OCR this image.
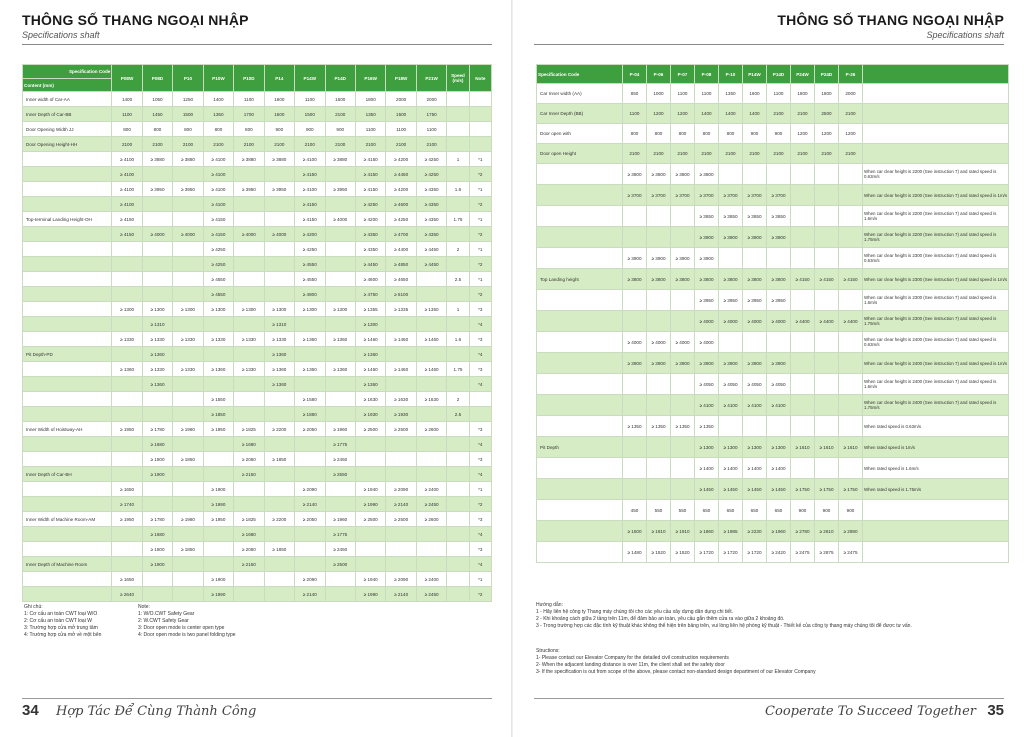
THÔNG SỐ THANG NGOẠI NHẬP
Specifications shaft
Specification Code	P08W	P08D	P10	P10W	P10D	P14	P14W	P14D	P16W	P18W	P21W	Speed (m/s)	Note
Content (mm)													
Inner width of Car-AA	1400	1050	1250	1400	1100	1600	1100	1600	1800	2000	2000		
Inner Depth of Car-BB	1100	1450	1500	1350	1700	1500	1500	2100	1350	1500	1750		
Door Opening Width JJ	800	800	800	800	800	900	900	900	1100	1100	1100		
Door Opening Height-HH	2100	2100	2100	2100	2100	2100	2100	2100	2100	2100	2100		
	≥ 4100	≥ 3880	≥ 3880	≥ 4100	≥ 3880	≥ 3880	≥ 4100	≥ 3880	≥ 4150	≥ 4200	≥ 4250	1	*1
	≥ 4100			≥ 4100			≥ 4150		≥ 4150	≥ 4450	≥ 4250		*2
	≥ 4100	≥ 3950	≥ 3950	≥ 4100	≥ 3950	≥ 3950	≥ 4100	≥ 3950	≥ 4150	≥ 4200	≥ 4350	1.6	*1
	≥ 4100			≥ 4100			≥ 4150		≥ 4250	≥ 4600	≥ 4350		*2
Top-terminal Landing Height-OH	≥ 4150			≥ 4150			≥ 4150	≥ 4000	≥ 4200	≥ 4250	≥ 4350	1.75	*1
	≥ 4150	≥ 4000	≥ 4000	≥ 4150	≥ 4000	≥ 4000	≥ 4200		≥ 4350	≥ 4700	≥ 4350		*2
				≥ 4250			≥ 4250		≥ 4350	≥ 4400	≥ 4450	2	*1
				≥ 4250			≥ 4550		≥ 4450	≥ 4850	≥ 4450		*2
				≥ 4550			≥ 4550		≥ 4600	≥ 4650		2.5	*1
				≥ 4550			≥ 4800		≥ 4750	≥ 5100			*2
	≥ 1300	≥ 1300	≥ 1300	≥ 1300	≥ 1300	≥ 1300	≥ 1300	≥ 1300	≥ 1355	≥ 1335	≥ 1350	1	*3
		≥ 1310				≥ 1310			≥ 1300				*4
	≥ 1330	≥ 1330	≥ 1330	≥ 1330	≥ 1330	≥ 1330	≥ 1360	≥ 1360	≥ 1460	≥ 1460	≥ 1460	1.6	*3
Pit Depth-PD		≥ 1360				≥ 1360			≥ 1360				*4
	≥ 1360	≥ 1330	≥ 1330	≥ 1360	≥ 1330	≥ 1360	≥ 1360	≥ 1360	≥ 1460	≥ 1460	≥ 1460	1.75	*3
		≥ 1360				≥ 1360			≥ 1360				*4
				≥ 1550			≥ 1580		≥ 1630	≥ 1630	≥ 1630	2	
				≥ 1850			≥ 1880		≥ 1930	≥ 1930		2.5	
Inner Width of Hoistway-AH	≥ 1950	≥ 1780	≥ 1980	≥ 1950	≥ 1825	≥ 2200	≥ 2050	≥ 1960	≥ 2500	≥ 2500	≥ 2600		*3
		≥ 1680			≥ 1680			≥ 1775					*4
		≥ 1800	≥ 1850		≥ 2050	≥ 1850		≥ 2450					*3
Inner Depth of Car-BH		≥ 1900			≥ 2150			≥ 2550					*4
	≥ 1650			≥ 1900			≥ 2090		≥ 1940	≥ 2090	≥ 2400		*1
	≥ 1740			≥ 1990			≥ 2140		≥ 1990	≥ 2140	≥ 2450		*2
Inner Width of Machine Room-AM	≥ 1950	≥ 1780	≥ 1980	≥ 1950	≥ 1825	≥ 2200	≥ 2050	≥ 1960	≥ 2500	≥ 2500	≥ 2600		*3
		≥ 1680			≥ 1680			≥ 1775					*4
		≥ 1800	≥ 1850		≥ 2050	≥ 1850		≥ 2450					*3
Inner Depth of Machine Room		≥ 1900			≥ 2150			≥ 2500					*4
	≥ 1650			≥ 1900			≥ 2090		≥ 1940	≥ 2090	≥ 2400		*1
	≥ 2640			≥ 1990			≥ 2140		≥ 1990	≥ 2140	≥ 2450		*2
Ghi chú:
1: Cơ cấu an toàn CWT loại W/O
2: Cơ cấu an toàn CWT loại W
3: Trường hợp cửa mở trung tâm
4: Trường hợp cửa mở về một bên
Note:
1: W/O.CWT Safety Gear
2: W.CWT Safety Gear
3: Door open mode is center open type
4: Door open mode is two panel folding type
34 Hợp Tác Để Cùng Thành Công
THÔNG SỐ THANG NGOẠI NHẬP
Specifications shaft
Specification Code	P-04	P-06	P-07	P-08	P-10	P14W	P14D	P24W	P24D	P-26	
Car Inner width (AA)	850	1000	1100	1100	1350	1600	1100	1800	1800	2000	
Car Inner Depth (BB)	1100	1200	1200	1400	1400	1400	2100	2100	2500	2100	
Door open with	800	800	800	800	800	900	900	1200	1200	1200	
Door open Height	2100	2100	2100	2100	2100	2100	2100	2100	2100	2100	
	≥ 3800	≥ 3800	≥ 3800	≥ 3800							When car clear height is 2200 (See instruction 7) and rated speed is 0.63m/s
	≥ 3700	≥ 3700	≥ 3700	≥ 3700	≥ 3700	≥ 3700	≥ 3700				When car clear height is 2200 (See instruction 7) and rated speed is 1m/s
				≥ 3650	≥ 3650	≥ 3650	≥ 3650				When car clear height is 2200 (See instruction 7) and rated speed is 1.6m/s
				≥ 3900	≥ 3900	≥ 3900	≥ 3900				When car clear height is 2200 (See instruction 7) and rated speed is 1.75m/s
	≥ 3900	≥ 3900	≥ 3900	≥ 3900							When car clear height is 2300 (See instruction 7) and rated speed is 0.63m/s
Top Landing height	≥ 3800	≥ 3800	≥ 3800	≥ 3800	≥ 3800	≥ 3800	≥ 3800	≥ 4150	≥ 4150	≥ 4150	When car clear height is 2300 (See instruction 7) and rated speed is 1m/s
				≥ 3950	≥ 3950	≥ 3950	≥ 3950				When car clear height is 2300 (See instruction 7) and rated speed is 1.6m/s
				≥ 4000	≥ 4000	≥ 4000	≥ 4000	≥ 4400	≥ 4400	≥ 4400	When car clear height is 2300 (See instruction 7) and rated speed is 1.75m/s
	≥ 4000	≥ 4000	≥ 4000	≥ 4000							When car clear height is 2400 (See instruction 7) and rated speed is 0.63m/s
	≥ 3900	≥ 3900	≥ 3900	≥ 3900	≥ 3900	≥ 3900	≥ 3900				When car clear height is 2400 (See instruction 7) and rated speed is 1m/s
				≥ 4050	≥ 4050	≥ 4050	≥ 4050				When car clear height is 2400 (See instruction 7) and rated speed is 1.6m/s
				≥ 4100	≥ 4100	≥ 4100	≥ 4100				When car clear height is 2400 (See instruction 7) and rated speed is 1.75m/s
	≥ 1350	≥ 1350	≥ 1350	≥ 1350							When rated speed is 0.63m/s
Pit Depth				≥ 1300	≥ 1300	≥ 1300	≥ 1300	≥ 1610	≥ 1610	≥ 1610	When rated speed is 1m/s
				≥ 1400	≥ 1400	≥ 1400	≥ 1400				When rated speed is 1.6m/s
				≥ 1450	≥ 1450	≥ 1450	≥ 1450	≥ 1750	≥ 1750	≥ 1750	When rated speed is 1.75m/s
	450	550	550	650	650	650	650	900	900	900	
	≥ 1500	≥ 1810	≥ 1910	≥ 1860	≥ 1985	≥ 2230	≥ 1960	≥ 2780	≥ 2610	≥ 2880	
	≥ 1480	≥ 1520	≥ 1520	≥ 1720	≥ 1720	≥ 1720	≥ 2420	≥ 2475	≥ 2875	≥ 2475	
Hướng dẫn:
1 - Hãy liên hệ công ty Thang máy chúng tôi cho các yêu cầu xây dựng dân dụng chi tiết.
2 - Khi khoảng cách giữa 2 tầng trên 11m, để đảm bảo an toàn, yêu cầu gắn thêm cửa ra vào giữa 2 khoảng đó.
3 - Trong trường hợp các đặc tính kỹ thuật khác không thể hiện trên bảng trên, vui lòng liên hệ phòng kỹ thuật - Thiết kế của công ty thang máy chúng tôi để được tư vấn.
Structions:
1- Please contact our Elevator Company for the detailed civil construction requirements
2- When the adjacent landing distance is over 11m, the client shall set the safety door
3- If the specification is out from scope of the above, please contact non-standard design department of our Elevator Company
Cooperate To Succeed Together 35
